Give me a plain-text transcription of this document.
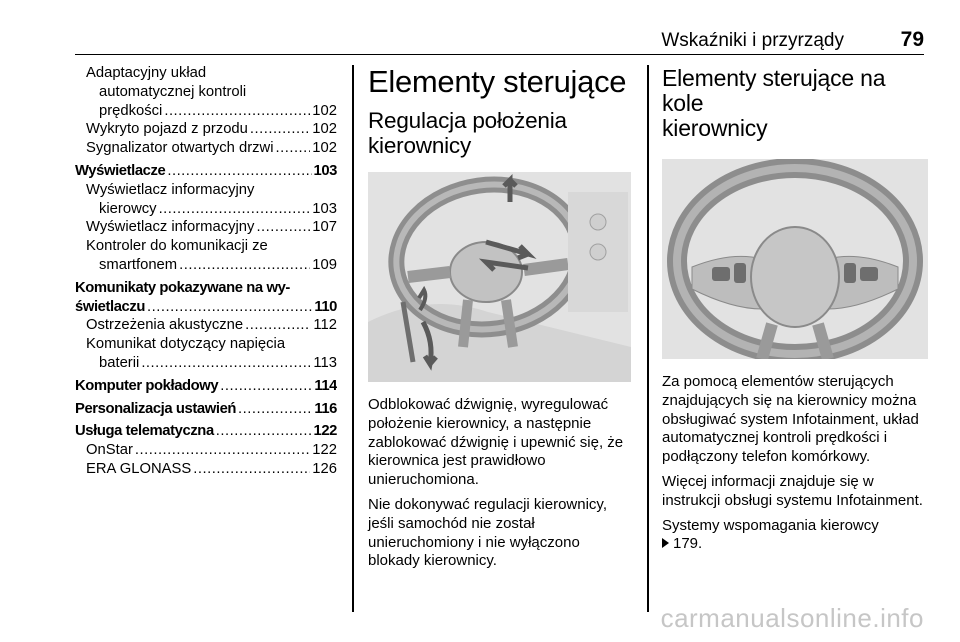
Wskaźniki i przyrządy	79
Adaptacyjny układ
automatycznej kontroli
prędkości .....	102
Wykryto pojazd z przodu .....	102
Sygnalizator otwartych drzwi .....	102
Wyświetlacze .....	103
Wyświetlacz informacyjny
kierowcy .....	103
Wyświetlacz informacyjny .....	107
Kontroler do komunikacji ze
smartfonem .....	109
Komunikaty pokazywane na wy-
świetlaczu .....	110
Ostrzeżenia akustyczne .....	112
Komunikat dotyczący napięcia
baterii .....	113
Komputer pokładowy .....	114
Personalizacja ustawień .....	116
Usługa telematyczna .....	122
OnStar .....	122
ERA GLONASS .....	126
Elementy sterujące
Regulacja położenia
kierownicy

Odblokować dźwignię, wyregulować położenie kierownicy, a następnie zablokować dźwignię i upewnić się, że kierownica jest prawidłowo unieruchomiona.

Nie dokonywać regulacji kierownicy, jeśli samochód nie został unieruchomiony i nie wyłączono blokady kierownicy.

Elementy sterujące na kole
kierownicy

Za pomocą elementów sterujących znajdujących się na kierownicy można obsługiwać system Infotainment, układ automatycznej kontroli prędkości i podłączony telefon komórkowy.

Więcej informacji znajduje się w instrukcji obsługi systemu Infotainment.

Systemy wspomagania kierowcy
179.

carmanualsonline.info
